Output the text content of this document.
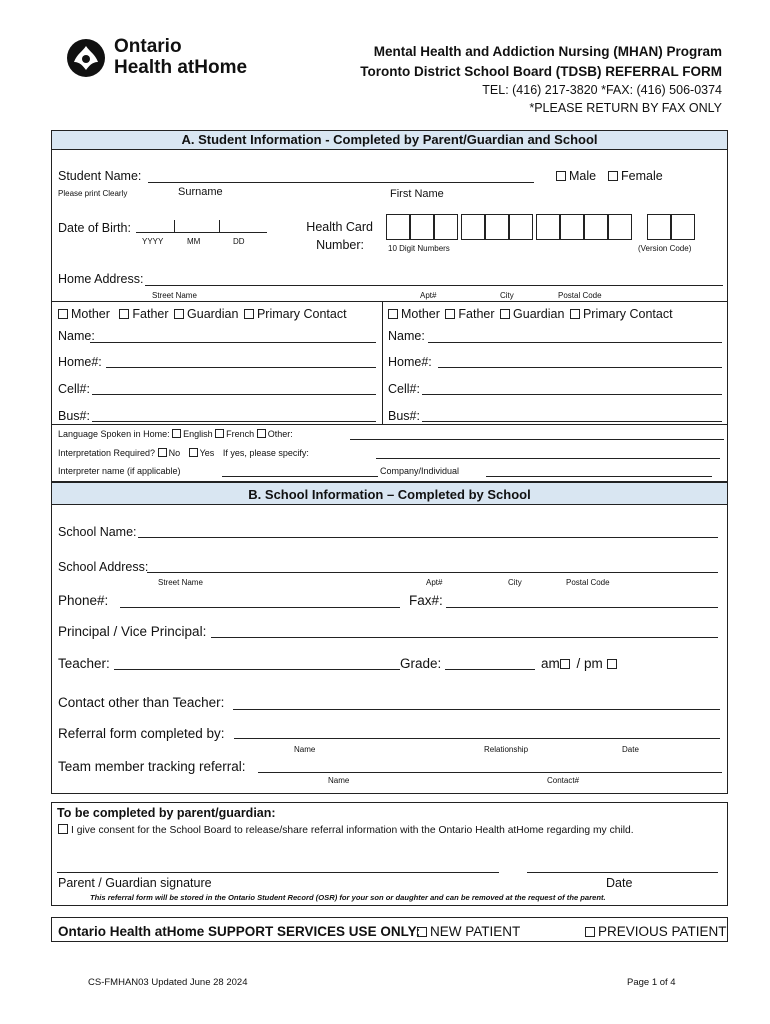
Ontario
Health atHome
Mental Health and Addiction Nursing (MHAN) Program
Toronto District School Board (TDSB) REFERRAL FORM
TEL: (416) 217-3820 *FAX: (416) 506-0374
*PLEASE RETURN BY FAX ONLY
A. Student Information - Completed by Parent/Guardian and School
Student Name:	Male	Female
Please print Clearly	Surname	First Name
Date of Birth:
YYYY	MM	DD
Health Card
Number:	10 Digit Numbers	(Version Code)
Home Address:
Street Name	Apt#	City	Postal Code
Mother Father Guardian Primary Contact
Name:
Home#:
Cell#:
Bus#:
Mother Father Guardian Primary Contact
Name:
Home#:
Cell#:
Bus#:
Language Spoken in Home: English French Other:
Interpretation Required? No Yes If yes, please specify:
Interpreter name (if applicable)	Company/Individual
B. School Information – Completed by School
School Name:
School Address:
Street Name	Apt#	City	Postal Code
Phone#:	Fax#:
Principal / Vice Principal:
Teacher:	Grade:	am / pm
Contact other than Teacher:
Referral form completed by:
Name	Relationship	Date
Team member tracking referral:
Name	Contact#
To be completed by parent/guardian:
I give consent for the School Board to release/share referral information with the Ontario Health atHome regarding my child.
Parent / Guardian signature	Date
This referral form will be stored in the Ontario Student Record (OSR) for your son or daughter and can be removed at the request of the parent.
Ontario Health atHome SUPPORT SERVICES USE ONLY: NEW PATIENT	PREVIOUS PATIENT
CS-FMHAN03 Updated June 28 2024	Page 1 of 4
